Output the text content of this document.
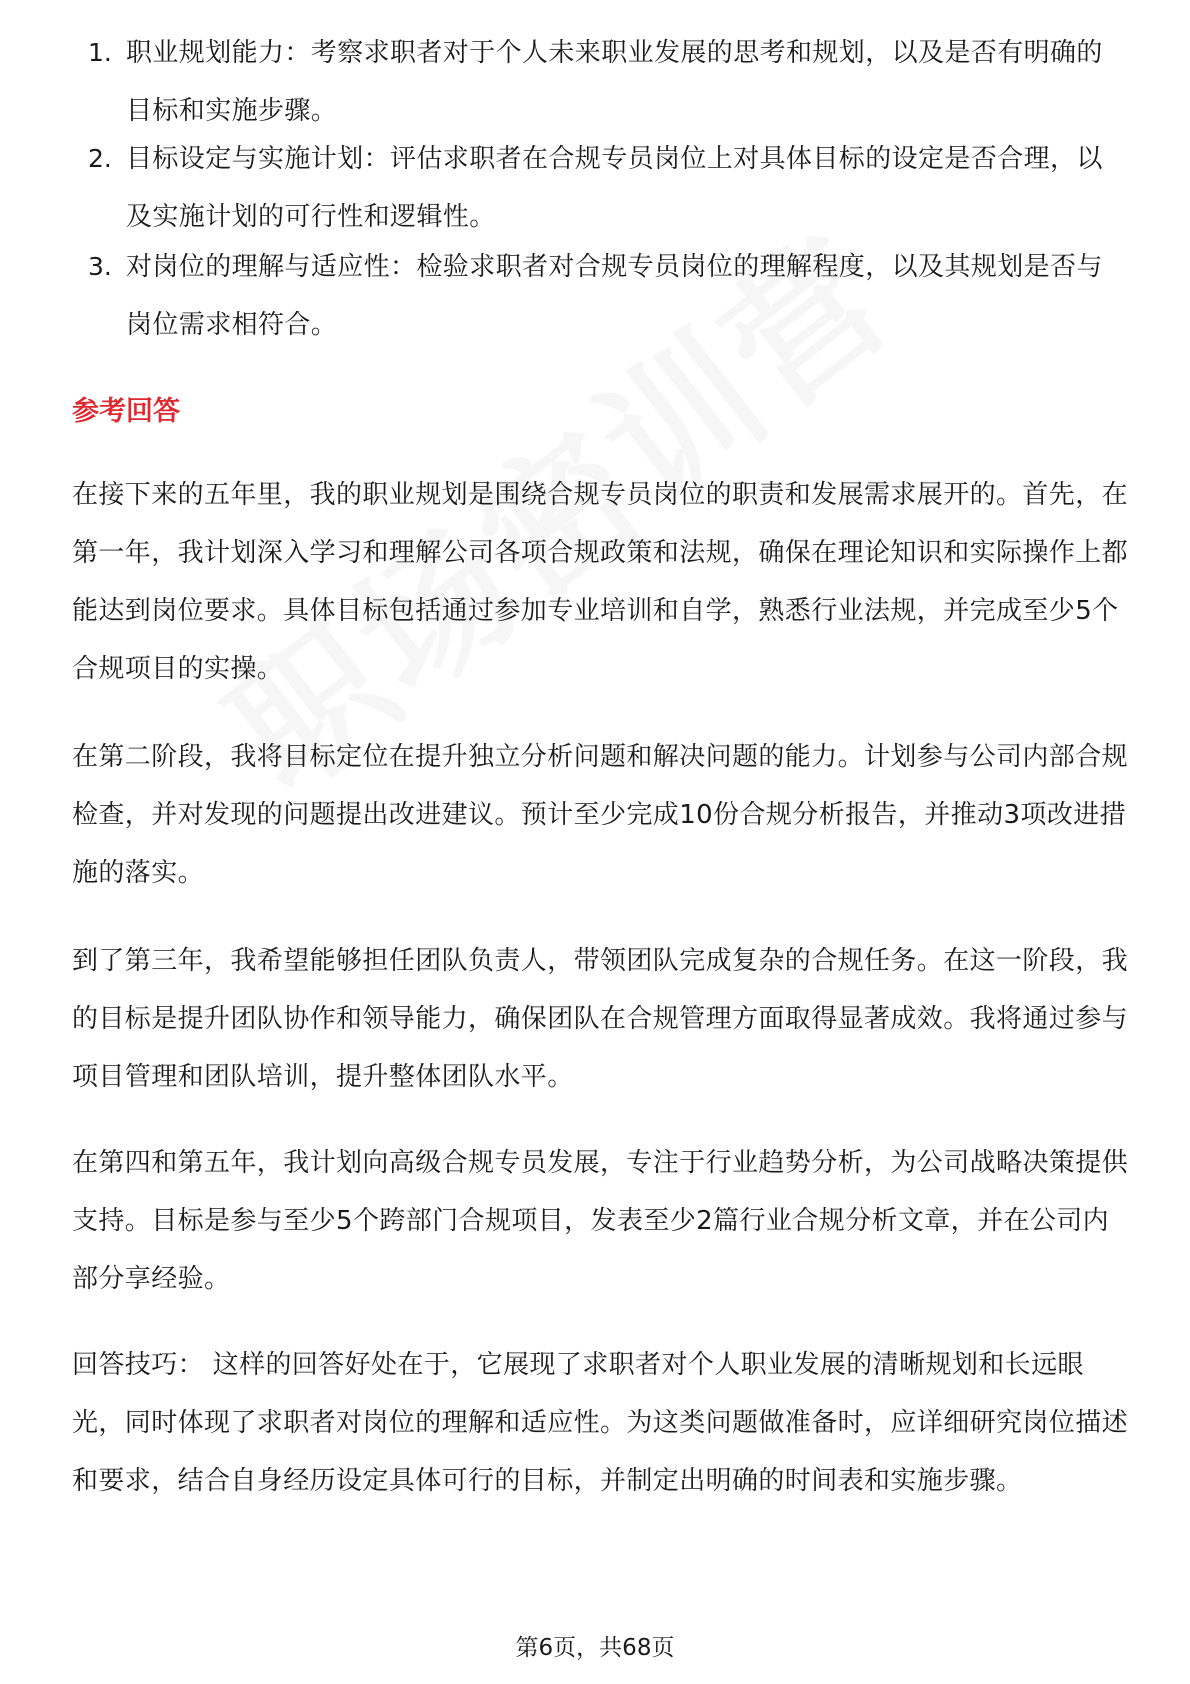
1. 职业规划能力：考察求职者对于个人未来职业发展的思考和规划，以及是否有明确的目标和实施步骤。
2. 目标设定与实施计划：评估求职者在合规专员岗位上对具体目标的设定是否合理，以及实施计划的可行性和逻辑性。
3. 对岗位的理解与适应性：检验求职者对合规专员岗位的理解程度，以及其规划是否与岗位需求相符合。
参考回答

在接下来的五年里，我的职业规划是围绕合规专员岗位的职责和发展需求展开的。首先，在第一年，我计划深入学习和理解公司各项合规政策和法规，确保在理论知识和实际操作上都能达到岗位要求。具体目标包括通过参加专业培训和自学，熟悉行业法规，并完成至少5个合规项目的实操。

在第二阶段，我将目标定位在提升独立分析问题和解决问题的能力。计划参与公司内部合规检查，并对发现的问题提出改进建议。预计至少完成10份合规分析报告，并推动3项改进措施的落实。

到了第三年，我希望能够担任团队负责人，带领团队完成复杂的合规任务。在这一阶段，我的目标是提升团队协作和领导能力，确保团队在合规管理方面取得显著成效。我将通过参与项目管理和团队培训，提升整体团队水平。

在第四和第五年，我计划向高级合规专员发展，专注于行业趋势分析，为公司战略决策提供支持。目标是参与至少5个跨部门合规项目，发表至少2篇行业合规分析文章，并在公司内部分享经验。

回答技巧： 这样的回答好处在于，它展现了求职者对个人职业发展的清晰规划和长远眼光，同时体现了求职者对岗位的理解和适应性。为这类问题做准备时，应详细研究岗位描述和要求，结合自身经历设定具体可行的目标，并制定出明确的时间表和实施步骤。

第6页，共68页
